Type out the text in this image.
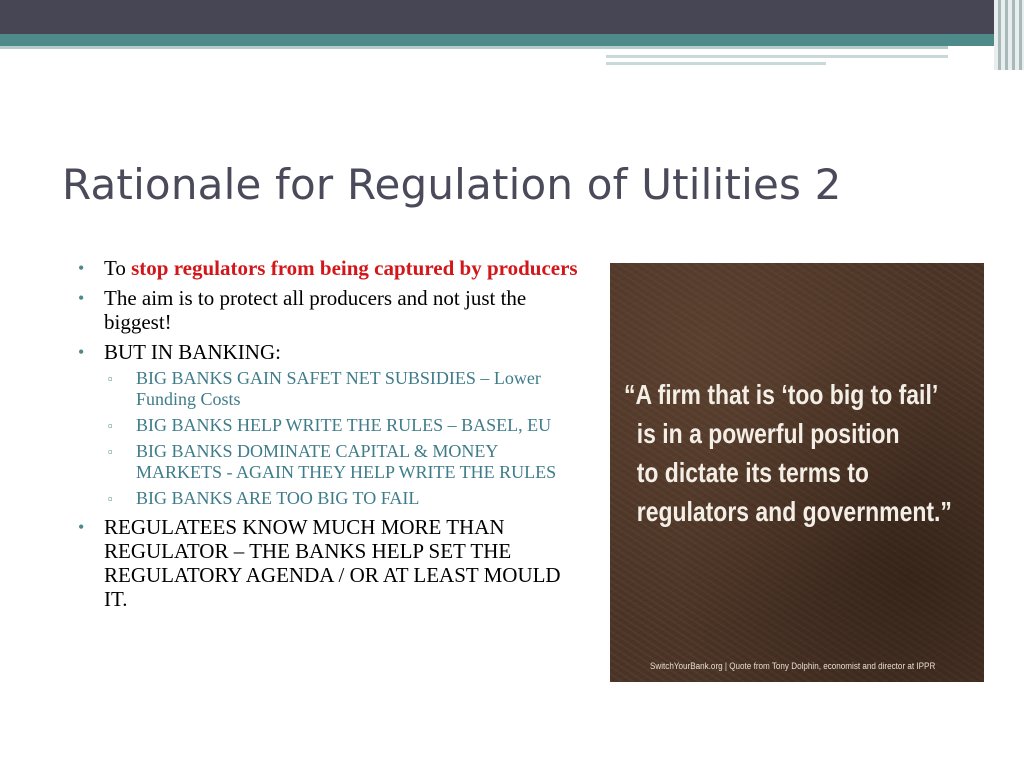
Rationale for Regulation of Utilities 2
• To stop regulators from being captured by producers
• The aim is to protect all producers and not just the biggest!
• BUT IN BANKING:
▫ BIG BANKS GAIN SAFET NET SUBSIDIES – Lower Funding Costs
▫ BIG BANKS HELP WRITE THE RULES – BASEL, EU
▫ BIG BANKS DOMINATE CAPITAL & MONEY MARKETS - AGAIN THEY HELP WRITE THE RULES
▫ BIG BANKS ARE TOO BIG TO FAIL
• REGULATEES KNOW MUCH MORE THAN REGULATOR – THE BANKS HELP SET THE REGULATORY AGENDA / OR AT LEAST MOULD IT.

“A firm that is ‘too big to fail’
is in a powerful position
to dictate its terms to
regulators and government.”

SwitchYourBank.org | Quote from Tony Dolphin, economist and director at IPPR
